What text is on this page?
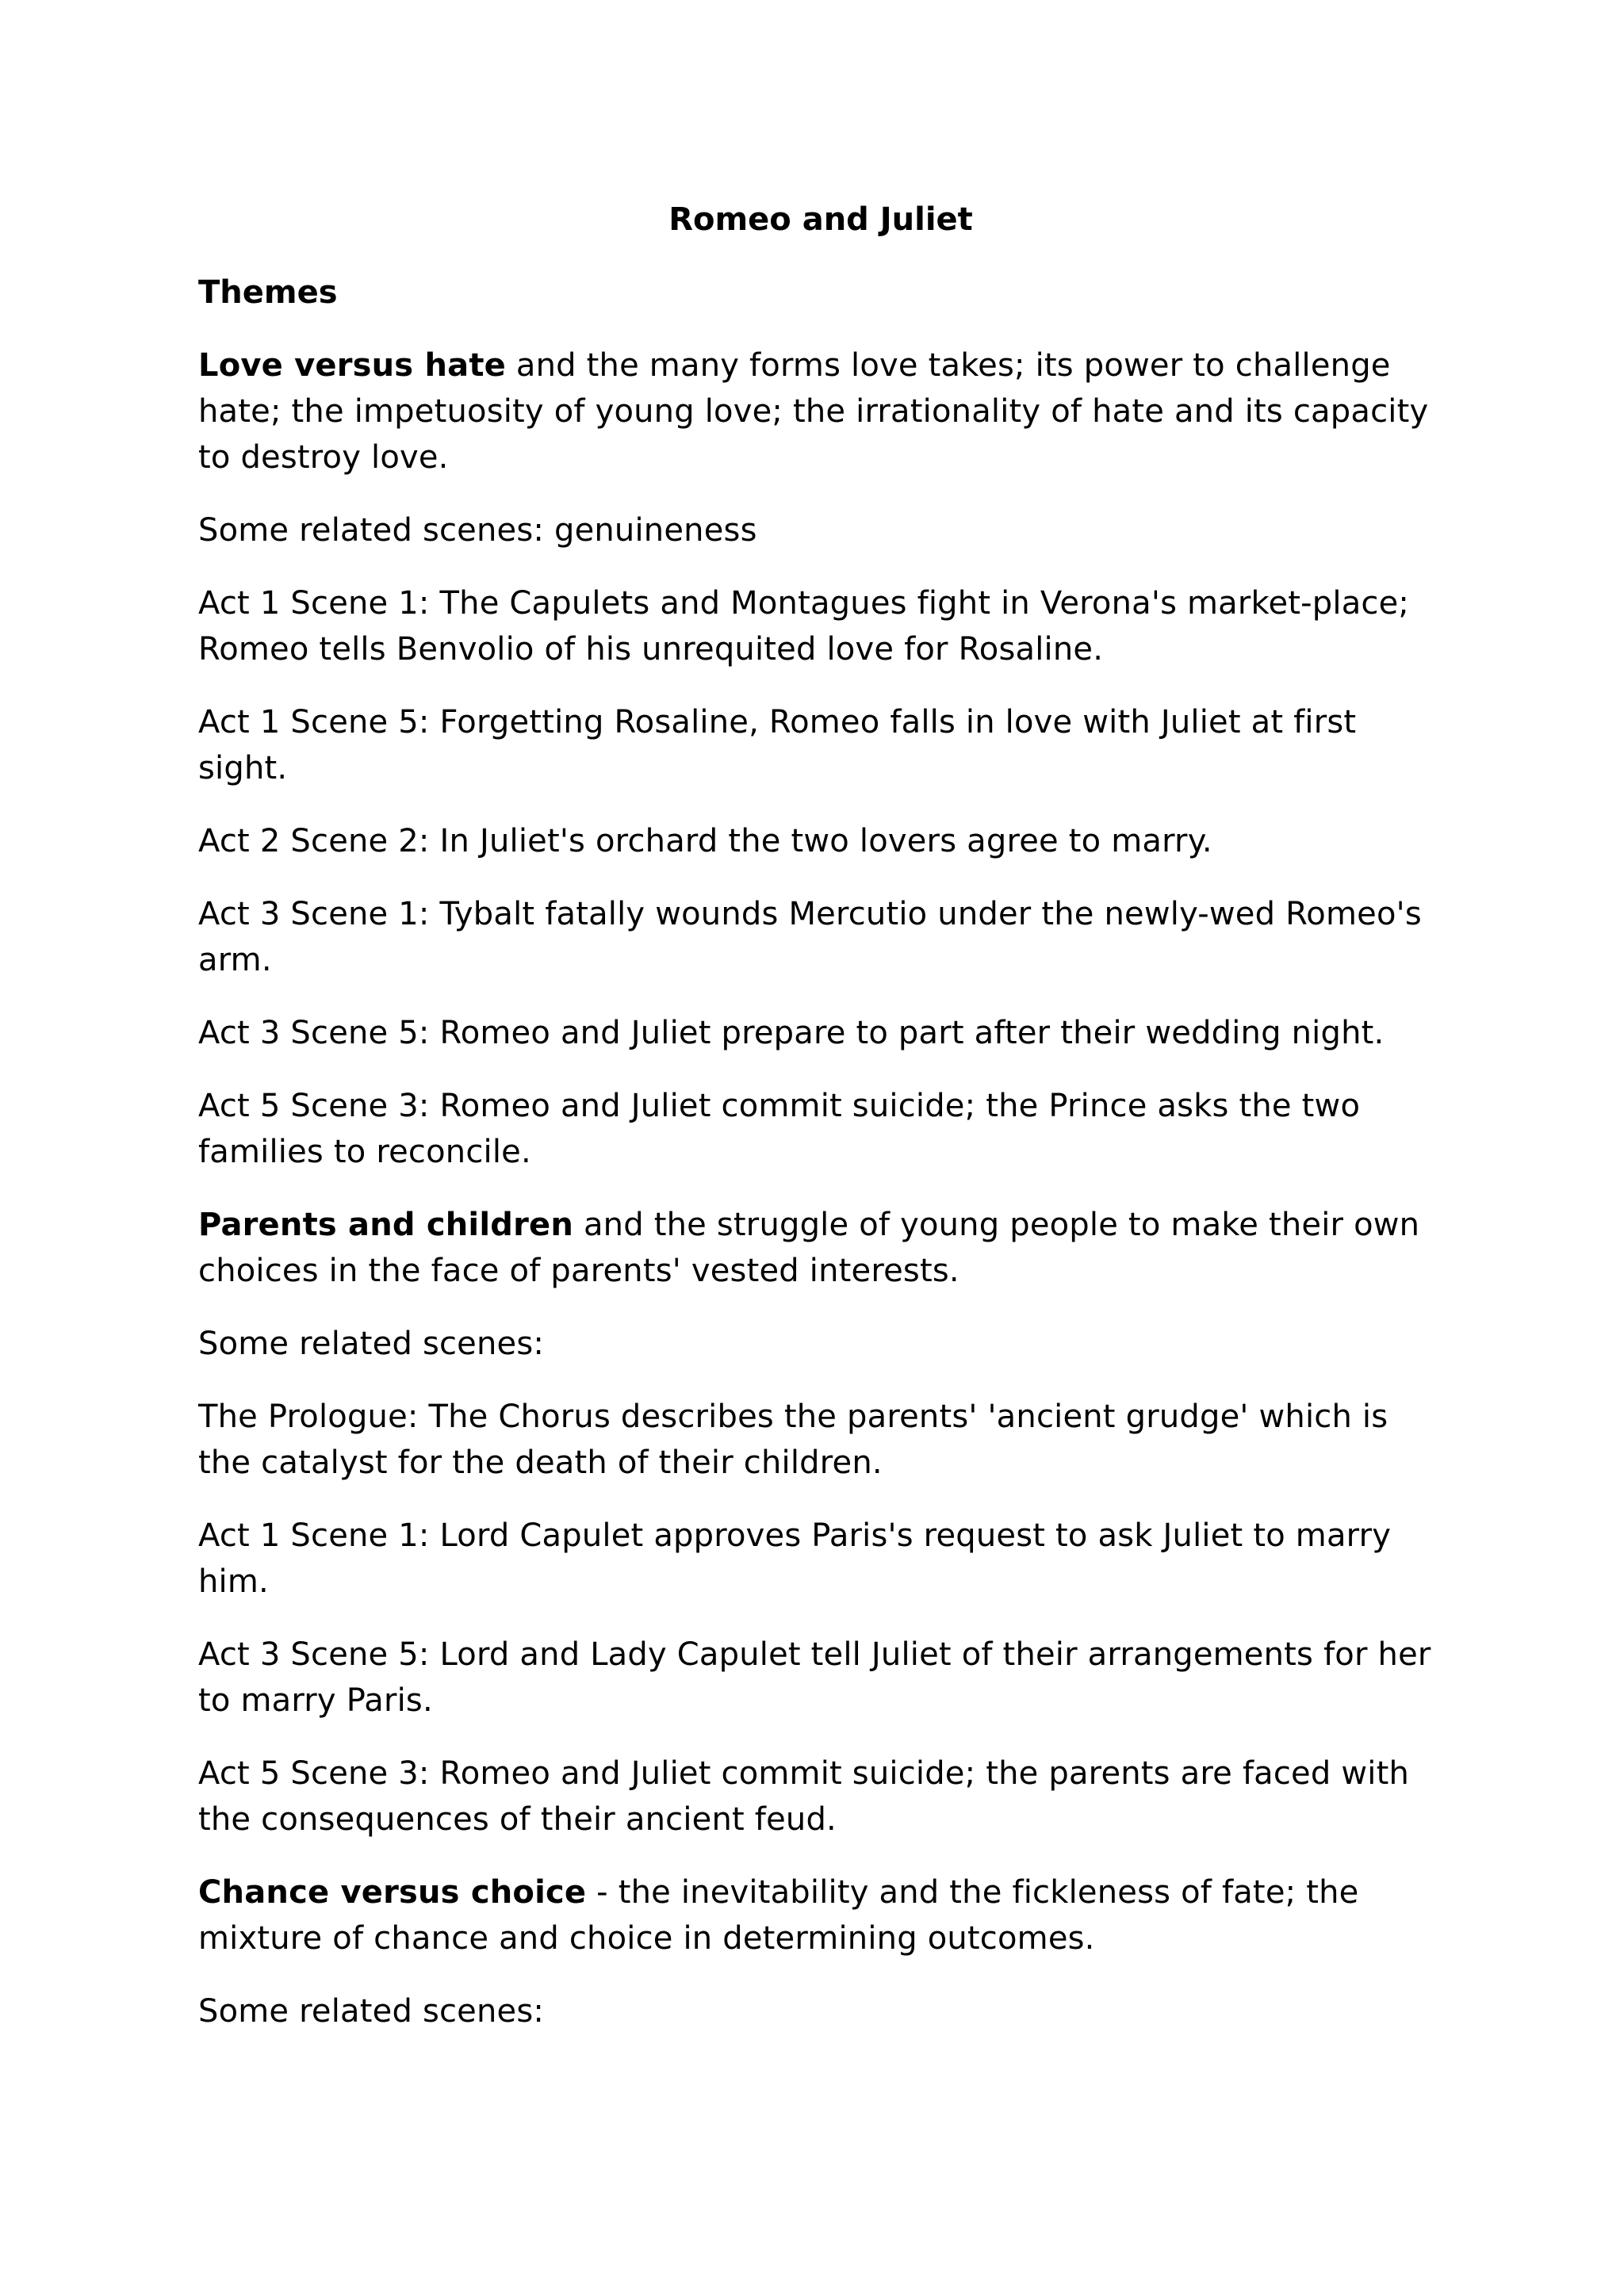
Romeo and Juliet
Themes

Love versus hate and the many forms love takes; its power to challenge hate; the impetuosity of young love; the irrationality of hate and its capacity to destroy love.

Some related scenes: genuineness

Act 1 Scene 1: The Capulets and Montagues fight in Verona's market-place; Romeo tells Benvolio of his unrequited love for Rosaline.

Act 1 Scene 5: Forgetting Rosaline, Romeo falls in love with Juliet at first sight.

Act 2 Scene 2: In Juliet's orchard the two lovers agree to marry.

Act 3 Scene 1: Tybalt fatally wounds Mercutio under the newly-wed Romeo's arm.

Act 3 Scene 5: Romeo and Juliet prepare to part after their wedding night.

Act 5 Scene 3: Romeo and Juliet commit suicide; the Prince asks the two families to reconcile.

Parents and children and the struggle of young people to make their own choices in the face of parents' vested interests.

Some related scenes:

The Prologue: The Chorus describes the parents' 'ancient grudge' which is the catalyst for the death of their children.

Act 1 Scene 1: Lord Capulet approves Paris's request to ask Juliet to marry him.

Act 3 Scene 5: Lord and Lady Capulet tell Juliet of their arrangements for her to marry Paris.

Act 5 Scene 3: Romeo and Juliet commit suicide; the parents are faced with the consequences of their ancient feud.

Chance versus choice - the inevitability and the fickleness of fate; the mixture of chance and choice in determining outcomes.

Some related scenes:
